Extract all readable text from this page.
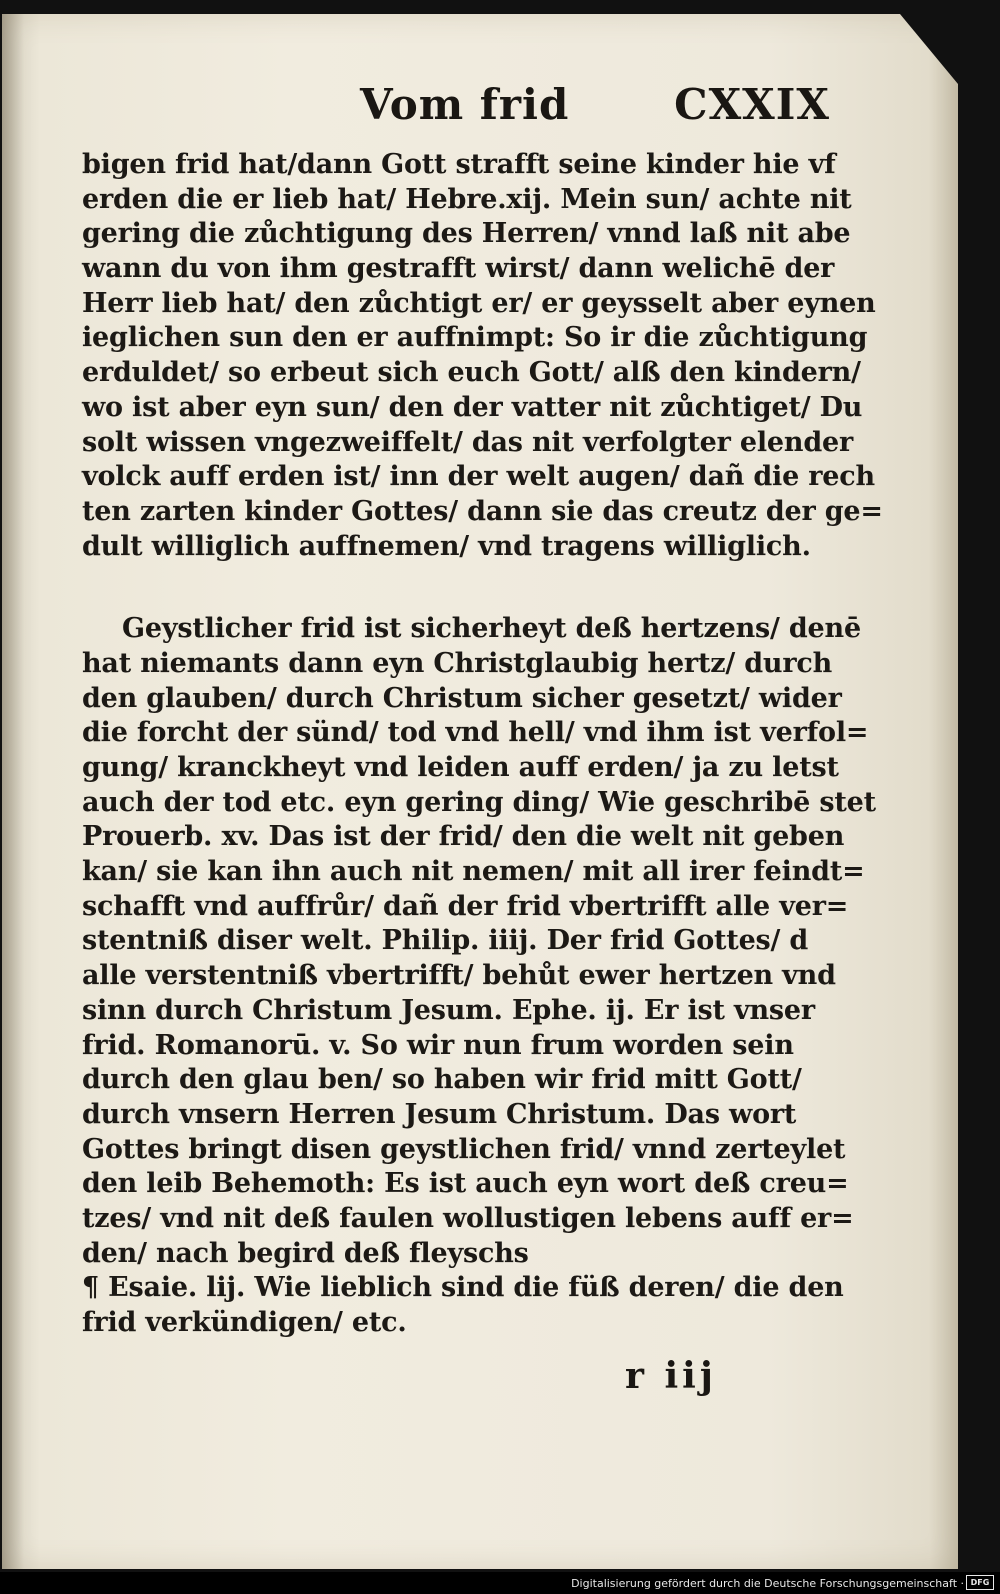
Vom frid CXXIX
bigen frid hat/dann Gott strafft seine kinder hie vf
erden die er lieb hat/ Hebre.xij. Mein sun/ achte nit
gering die zůchtigung des Herren/ vnnd laß nit abe
wann du von ihm gestrafft wirst/ dann welichē der
Herr lieb hat/ den zůchtigt er/ er geysselt aber eynen
ieglichen sun den er auffnimpt: So ir die zůchtigung
erduldet/ so erbeut sich euch Gott/ alß den kindern/
wo ist aber eyn sun/ den der vatter nit zůchtiget/ Du
solt wissen vngezweiffelt/ das nit verfolgter elender
volck auff erden ist/ inn der welt augen/ dañ die rech
ten zarten kinder Gottes/ dann sie das creutz der ge=
dult williglich auffnemen/ vnd tragens williglich.
Geystlicher frid ist sicherheyt deß hertzens/ denē
hat niemants dann eyn Christglaubig hertz/ durch
den glauben/ durch Christum sicher gesetzt/ wider
die forcht der sünd/ tod vnd hell/ vnd ihm ist verfol=
gung/ kranckheyt vnd leiden auff erden/ ja zu letst
auch der tod etc. eyn gering ding/ Wie geschribē stet
Prouerb. xv. Das ist der frid/ den die welt nit geben
kan/ sie kan ihn auch nit nemen/ mit all irer feindt=
schafft vnd auffrůr/ dañ der frid vbertrifft alle ver=
stentniß diser welt. Philip. iiij. Der frid Gottes/ d
alle verstentniß vbertrifft/ behůt ewer hertzen vnd
sinn durch Christum Jesum. Ephe. ij. Er ist vnser
frid. Romanorū. v. So wir nun frum worden sein
durch den glau ben/ so haben wir frid mitt Gott/
durch vnsern Herren Jesum Christum. Das wort
Gottes bringt disen geystlichen frid/ vnnd zerteylet
den leib Behemoth: Es ist auch eyn wort deß creu=
tzes/ vnd nit deß faulen wollustigen lebens auff er=
den/ nach begird deß fleyschs
¶ Esaie. lij. Wie lieblich sind die füß deren/ die den
frid verkündigen/ etc.
r iij
Digitalisierung gefördert durch die Deutsche Forschungsgemeinschaft · DFG
